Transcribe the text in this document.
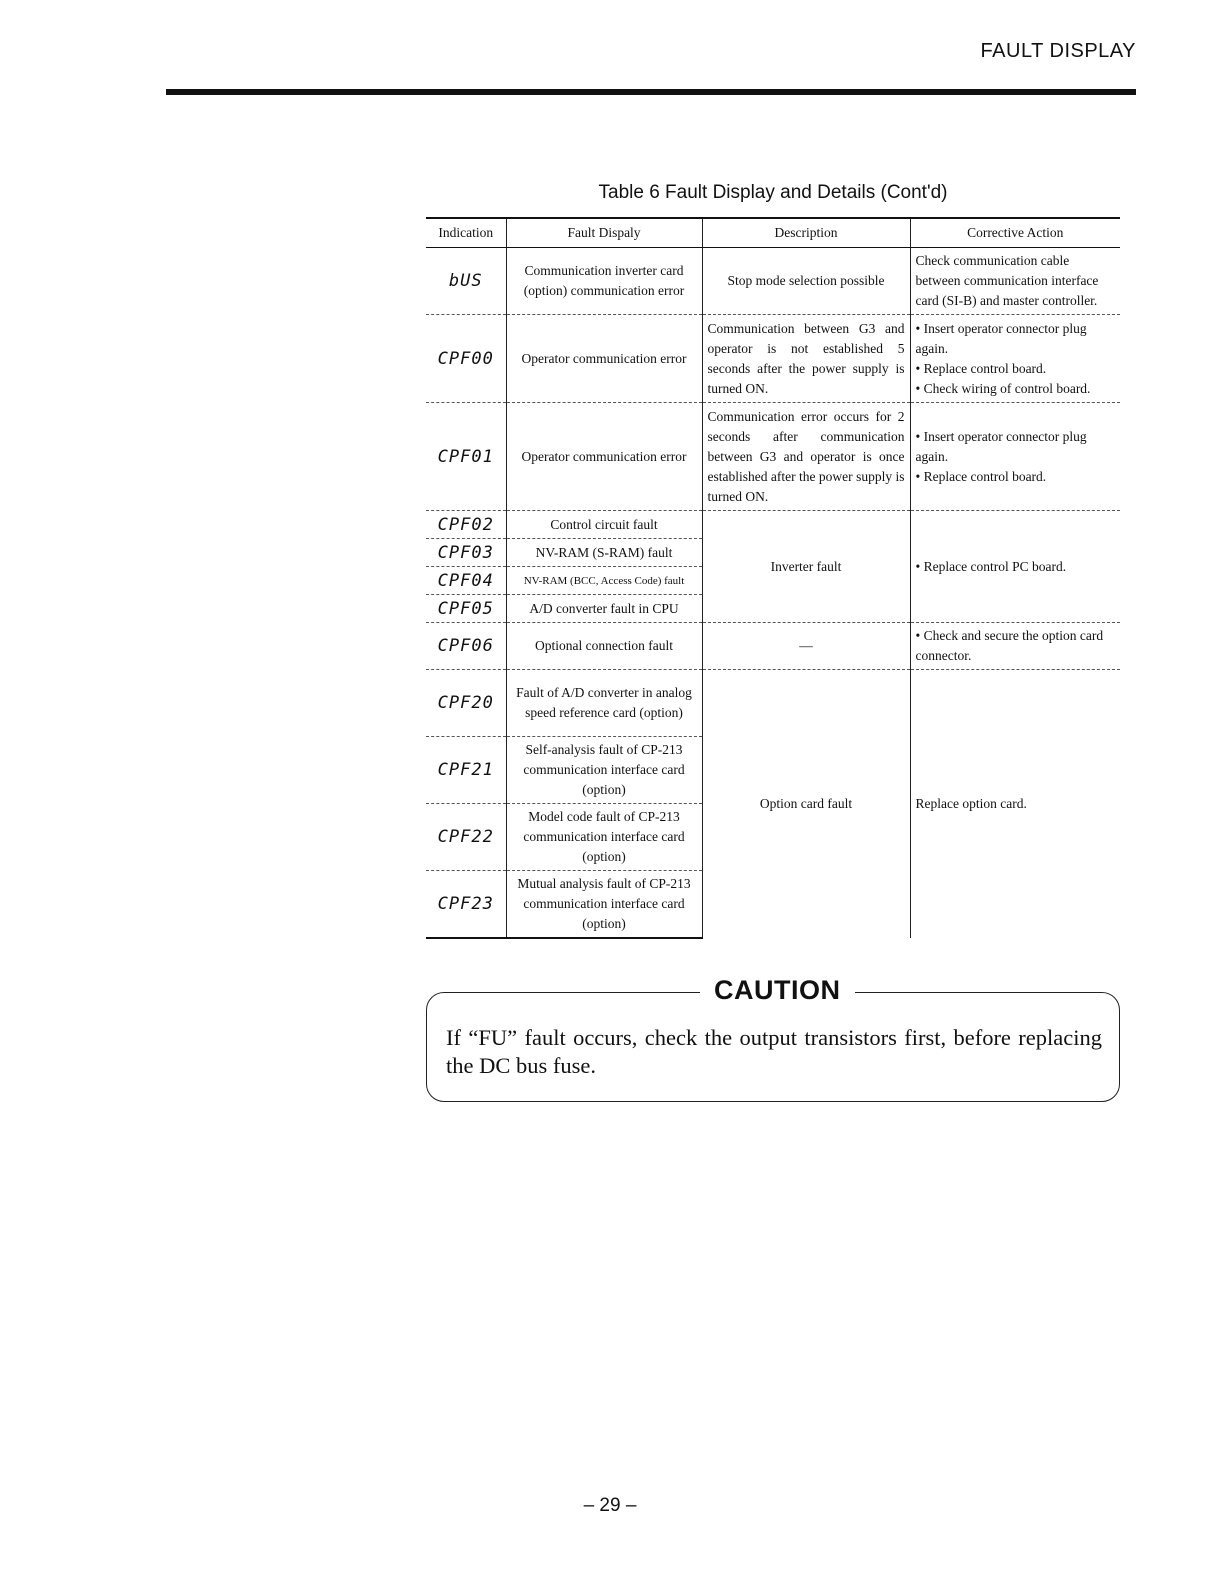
FAULT DISPLAY
Table 6 Fault Display and Details (Cont'd)
Indication	Fault Dispaly	Description	Corrective Action
bUS	Communication inverter card (option) communication error	Stop mode selection possible	Check communication cable between communication interface card (SI-B) and master controller.
CPF00	Operator communication error	Communication between G3 and operator is not established 5 seconds after the power supply is turned ON.	• Insert operator connector plug again.
• Replace control board.
• Check wiring of control board.

CPF01	Operator communication error	Communication error occurs for 2 seconds after communication between G3 and operator is once established after the power supply is turned ON.	• Insert operator connector plug again.
• Replace control board.

CPF02	Control circuit fault	Inverter fault	• Replace control PC board.
CPF03	NV-RAM (S-RAM) fault		
CPF04	NV-RAM (BCC, Access Code) fault		
CPF05	A/D converter fault in CPU		
CPF06	Optional connection fault	—	• Check and secure the option card connector.
CPF20	Fault of A/D converter in analog speed reference card (option)	Option card fault	Replace option card.
CPF21	Self-analysis fault of CP-213 communication interface card (option)		
CPF22	Model code fault of CP-213 communication interface card (option)		
CPF23	Mutual analysis fault of CP-213 communication interface card (option)		
CAUTION
If “FU” fault occurs, check the output transistors first, before replacing the DC bus fuse.
– 29 –
